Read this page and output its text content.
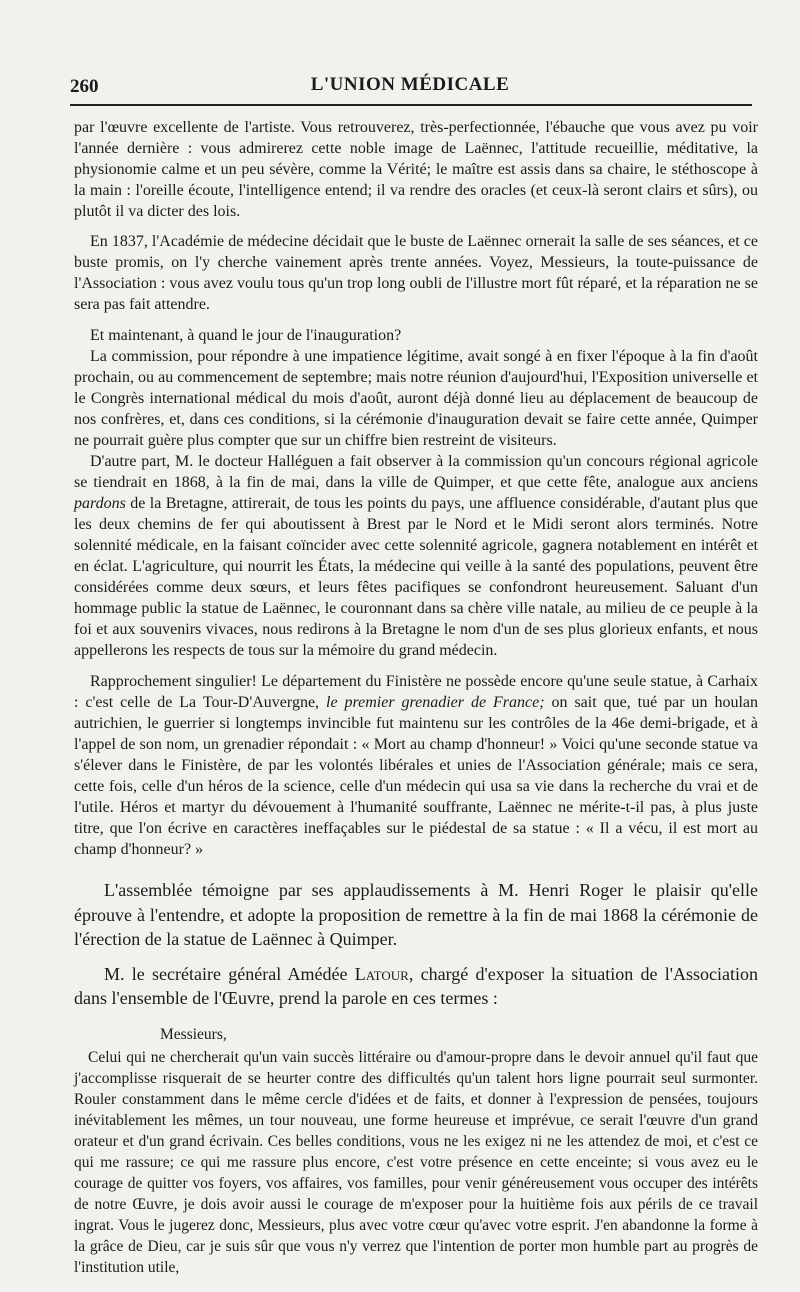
260	L'UNION MÉDICALE

par l'œuvre excellente de l'artiste. Vous retrouverez, très-perfectionnée, l'ébauche que vous avez pu voir l'année dernière : vous admirerez cette noble image de Laënnec, l'attitude recueillie, méditative, la physionomie calme et un peu sévère, comme la Vérité; le maître est assis dans sa chaire, le stéthoscope à la main : l'oreille écoute, l'intelligence entend; il va rendre des oracles (et ceux-là seront clairs et sûrs), ou plutôt il va dicter des lois.

En 1837, l'Académie de médecine décidait que le buste de Laënnec ornerait la salle de ses séances, et ce buste promis, on l'y cherche vainement après trente années. Voyez, Messieurs, la toute-puissance de l'Association : vous avez voulu tous qu'un trop long oubli de l'illustre mort fût réparé, et la réparation ne se sera pas fait attendre.

Et maintenant, à quand le jour de l'inauguration?

La commission, pour répondre à une impatience légitime, avait songé à en fixer l'époque à la fin d'août prochain, ou au commencement de septembre; mais notre réunion d'aujourd'hui, l'Exposition universelle et le Congrès international médical du mois d'août, auront déjà donné lieu au déplacement de beaucoup de nos confrères, et, dans ces conditions, si la cérémonie d'inauguration devait se faire cette année, Quimper ne pourrait guère plus compter que sur un chiffre bien restreint de visiteurs.

D'autre part, M. le docteur Halléguen a fait observer à la commission qu'un concours régional agricole se tiendrait en 1868, à la fin de mai, dans la ville de Quimper, et que cette fête, analogue aux anciens pardons de la Bretagne, attirerait, de tous les points du pays, une affluence considérable, d'autant plus que les deux chemins de fer qui aboutissent à Brest par le Nord et le Midi seront alors terminés. Notre solennité médicale, en la faisant coïncider avec cette solennité agricole, gagnera notablement en intérêt et en éclat. L'agriculture, qui nourrit les États, la médecine qui veille à la santé des populations, peuvent être considérées comme deux sœurs, et leurs fêtes pacifiques se confondront heureusement. Saluant d'un hommage public la statue de Laënnec, le couronnant dans sa chère ville natale, au milieu de ce peuple à la foi et aux souvenirs vivaces, nous redirons à la Bretagne le nom d'un de ses plus glorieux enfants, et nous appellerons les respects de tous sur la mémoire du grand médecin.

Rapprochement singulier! Le département du Finistère ne possède encore qu'une seule statue, à Carhaix : c'est celle de La Tour-D'Auvergne, le premier grenadier de France; on sait que, tué par un houlan autrichien, le guerrier si longtemps invincible fut maintenu sur les contrôles de la 46e demi-brigade, et à l'appel de son nom, un grenadier répondait : « Mort au champ d'honneur! » Voici qu'une seconde statue va s'élever dans le Finistère, de par les volontés libérales et unies de l'Association générale; mais ce sera, cette fois, celle d'un héros de la science, celle d'un médecin qui usa sa vie dans la recherche du vrai et de l'utile. Héros et martyr du dévouement à l'humanité souffrante, Laënnec ne mérite-t-il pas, à plus juste titre, que l'on écrive en caractères ineffaçables sur le piédestal de sa statue : « Il a vécu, il est mort au champ d'honneur? »

L'assemblée témoigne par ses applaudissements à M. Henri Roger le plaisir qu'elle éprouve à l'entendre, et adopte la proposition de remettre à la fin de mai 1868 la cérémonie de l'érection de la statue de Laënnec à Quimper.

M. le secrétaire général Amédée Latour, chargé d'exposer la situation de l'Association dans l'ensemble de l'Œuvre, prend la parole en ces termes :

Messieurs,

Celui qui ne chercherait qu'un vain succès littéraire ou d'amour-propre dans le devoir annuel qu'il faut que j'accomplisse risquerait de se heurter contre des difficultés qu'un talent hors ligne pourrait seul surmonter. Rouler constamment dans le même cercle d'idées et de faits, et donner à l'expression de pensées, toujours inévitablement les mêmes, un tour nouveau, une forme heureuse et imprévue, ce serait l'œuvre d'un grand orateur et d'un grand écrivain. Ces belles conditions, vous ne les exigez ni ne les attendez de moi, et c'est ce qui me rassure; ce qui me rassure plus encore, c'est votre présence en cette enceinte; si vous avez eu le courage de quitter vos foyers, vos affaires, vos familles, pour venir généreusement vous occuper des intérêts de notre Œuvre, je dois avoir aussi le courage de m'exposer pour la huitième fois aux périls de ce travail ingrat. Vous le jugerez donc, Messieurs, plus avec votre cœur qu'avec votre esprit. J'en abandonne la forme à la grâce de Dieu, car je suis sûr que vous n'y verrez que l'intention de porter mon humble part au progrès de l'institution utile,
